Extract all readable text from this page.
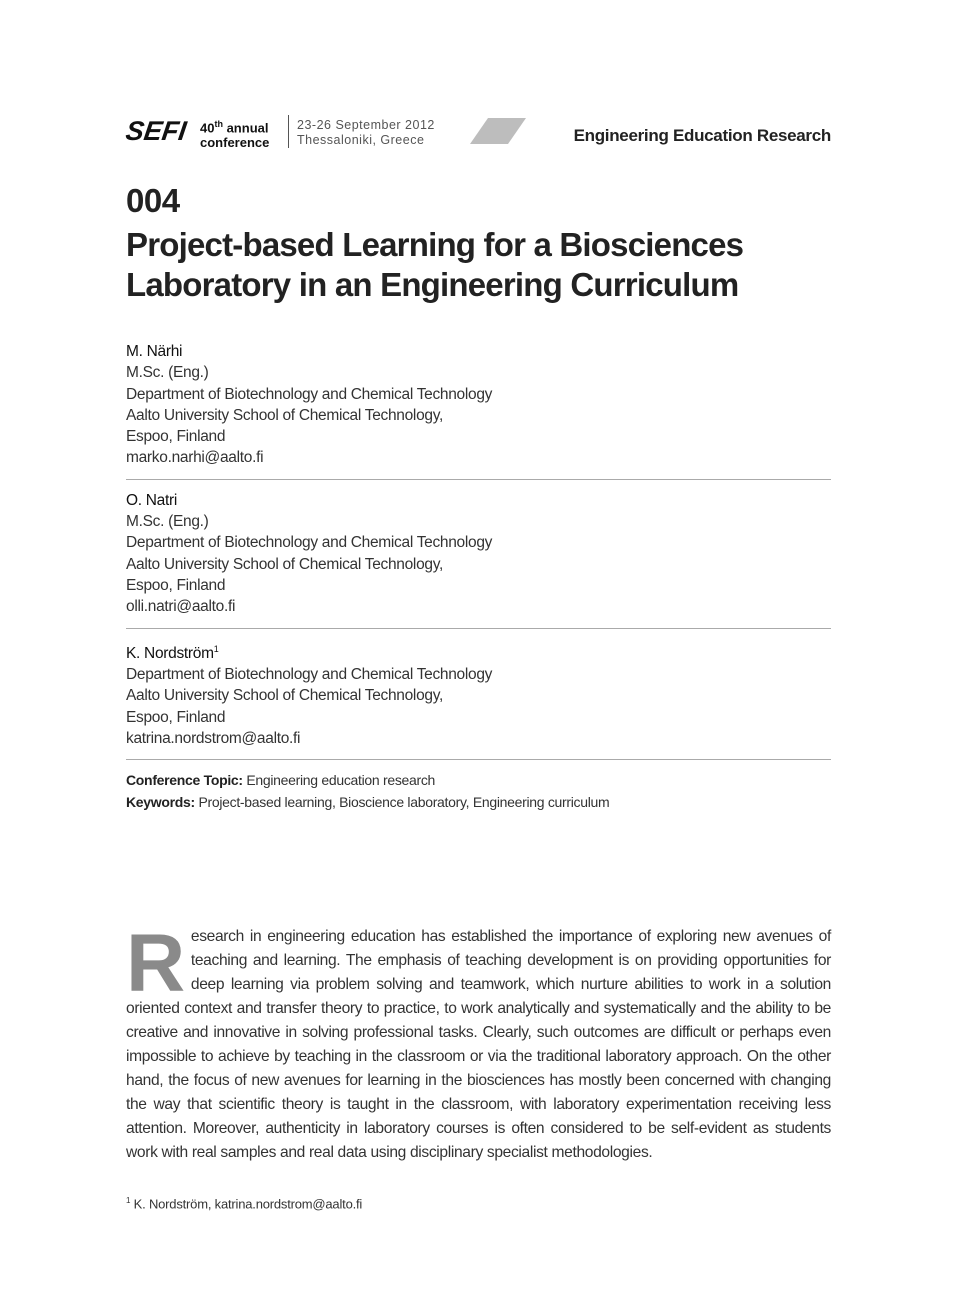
SEFI 40th annual
conference
23-26 September 2012
Thessaloniki, Greece	Engineering Education Research
004
Project-based Learning for a Biosciences
Laboratory in an Engineering Curriculum
M. Närhi
M.Sc. (Eng.)
Department of Biotechnology and Chemical Technology
Aalto University School of Chemical Technology,
Espoo, Finland
marko.narhi@aalto.fi
O. Natri
M.Sc. (Eng.)
Department of Biotechnology and Chemical Technology
Aalto University School of Chemical Technology,
Espoo, Finland
olli.natri@aalto.fi
K. Nordström$^1$
Department of Biotechnology and Chemical Technology
Aalto University School of Chemical Technology,
Espoo, Finland
katrina.nordstrom@aalto.fi
Conference Topic: Engineering education research
Keywords: Project-based learning, Bioscience laboratory, Engineering curriculum
Research in engineering education has established the importance of exploring new avenues of teaching and learning. The emphasis of teaching development is on providing opportunities for deep learning via problem solving and teamwork, which nurture abilities to work in a solution oriented context and transfer theory to practice, to work analytically and systematically and the ability to be creative and innovative in solving professional tasks. Clearly, such outcomes are difficult or perhaps even impossible to achieve by teaching in the classroom or via the traditional laboratory approach. On the other hand, the focus of new avenues for learning in the biosciences has mostly been concerned with changing the way that scientific theory is taught in the classroom, with laboratory experimentation receiving less attention. Moreover, authenticity in laboratory courses is often considered to be self-evident as students work with real samples and real data using disciplinary specialist methodologies.
$^1$ K. Nordström, katrina.nordstrom@aalto.fi
